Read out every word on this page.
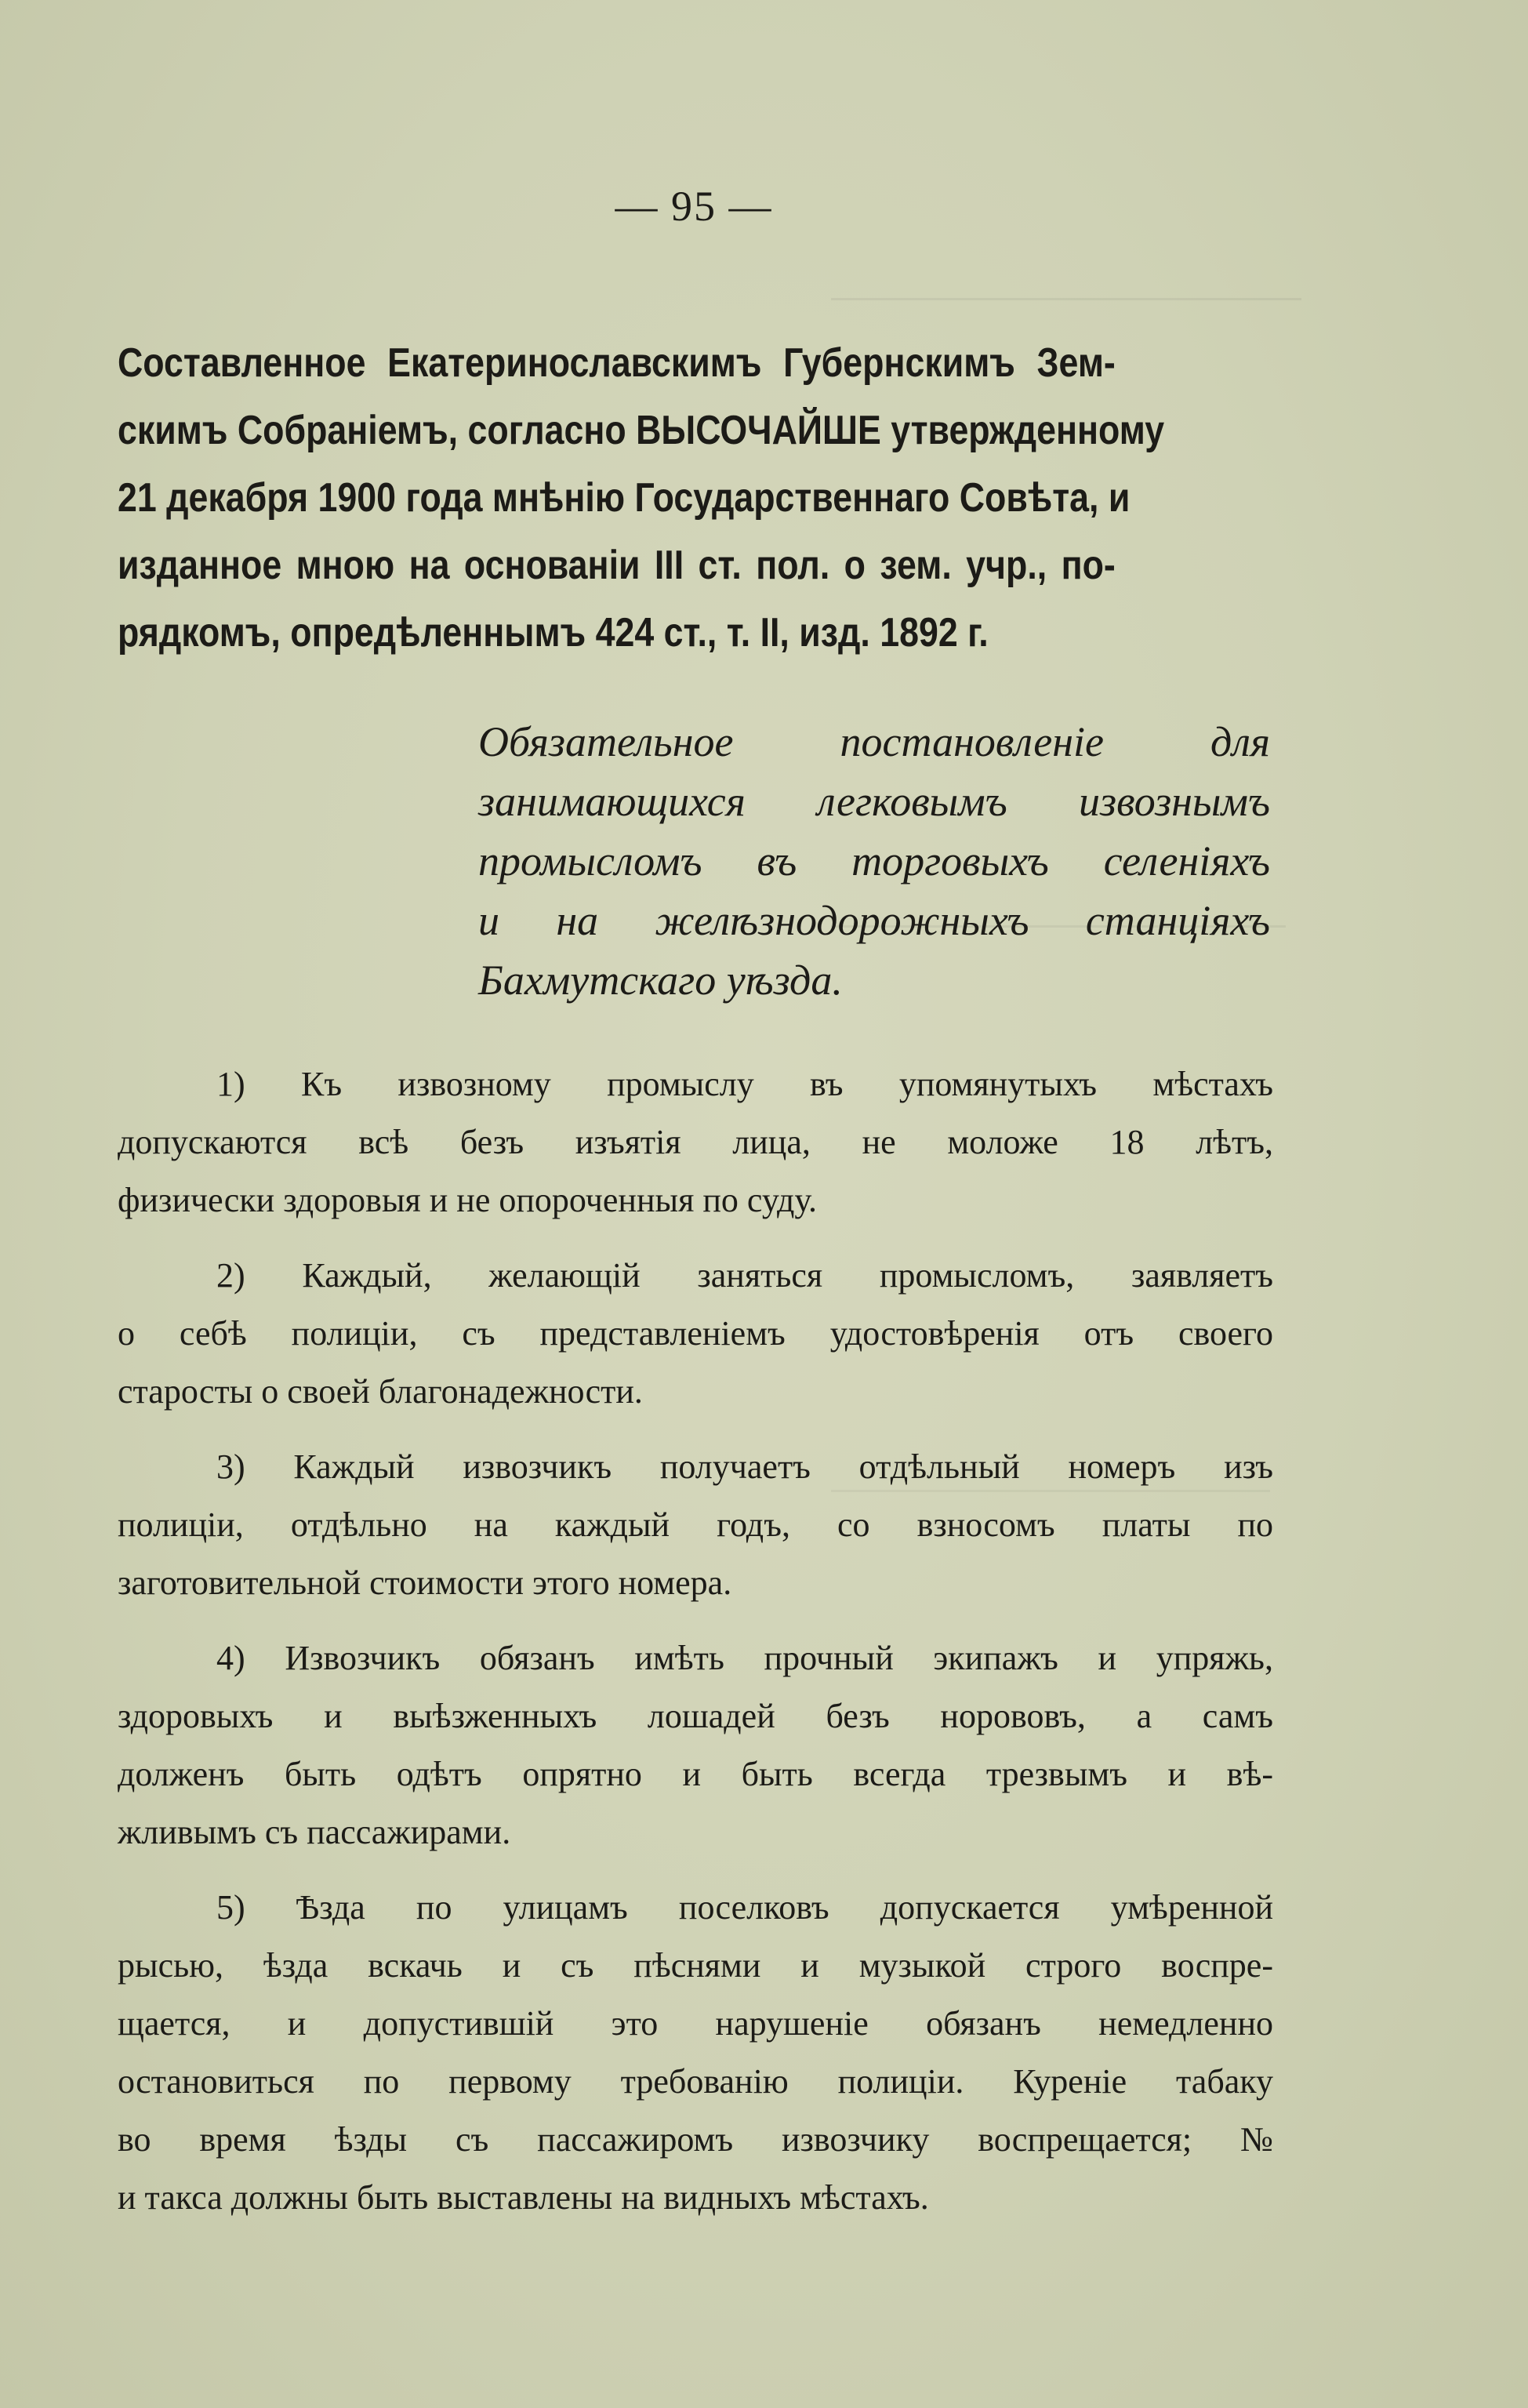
— 95 —
Составленное Екатеринославскимъ Губернскимъ Зем-
скимъ Собраніемъ, согласно ВЫСОЧАЙШЕ утвержденному
21 декабря 1900 года мнѣнію Государственнаго Совѣта, и
изданное мною на основаніи III ст. пол. о зем. учр., по-
рядкомъ, опредѣленнымъ 424 ст., т. II, изд. 1892 г.
Обязательное постановленіе для
занимающихся легковымъ извознымъ
промысломъ въ торговыхъ селеніяхъ
и на желѣзнодорожныхъ станціяхъ
Бахмутскаго уѣзда.
1) Къ извозному промыслу въ упомянутыхъ мѣстахъ
допускаются всѣ безъ изъятія лица, не моложе 18 лѣтъ,
физически здоровыя и не опороченныя по суду.
2) Каждый, желающій заняться промысломъ, заявляетъ
о себѣ полиціи, съ представленіемъ удостовѣренія отъ своего
старосты о своей благонадежности.
3) Каждый извозчикъ получаетъ отдѣльный номеръ изъ
полиціи, отдѣльно на каждый годъ, со взносомъ платы по
заготовительной стоимости этого номера.
4) Извозчикъ обязанъ имѣть прочный экипажъ и упряжь,
здоровыхъ и выѣзженныхъ лошадей безъ норововъ, а самъ
долженъ быть одѣтъ опрятно и быть всегда трезвымъ и вѣ-
жливымъ съ пассажирами.
5) Ѣзда по улицамъ поселковъ допускается умѣренной
рысью, ѣзда вскачь и съ пѣснями и музыкой строго воспре-
щается, и допустившій это нарушеніе обязанъ немедленно
остановиться по первому требованію полиціи. Куреніе табаку
во время ѣзды съ пассажиромъ извозчику воспрещается; №
и такса должны быть выставлены на видныхъ мѣстахъ.
